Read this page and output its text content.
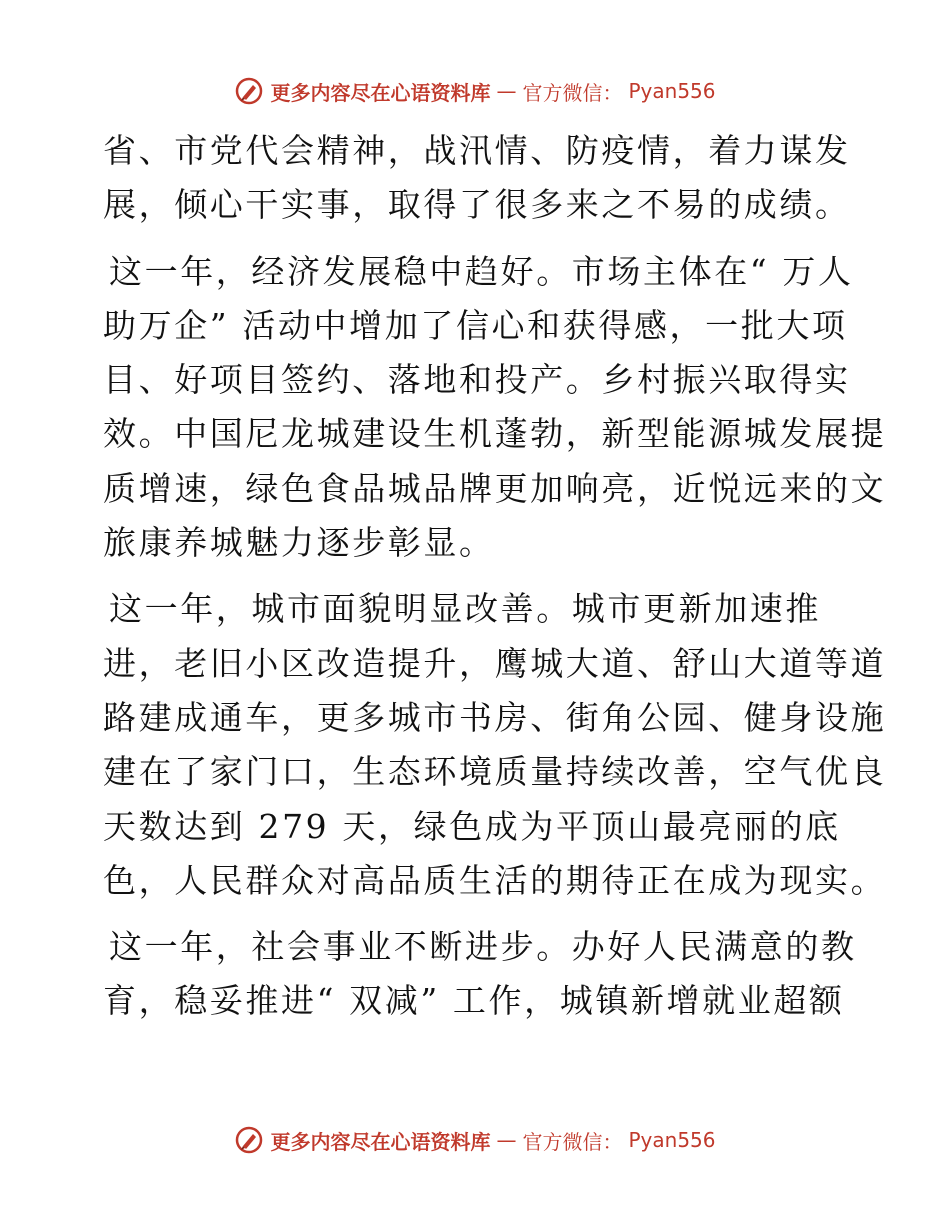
更多内容尽在心语资料库 — 官方微信： Pyan556
省、市党代会精神，战汛情、防疫情，着力谋发
展，倾心干实事，取得了很多来之不易的成绩。
这一年，经济发展稳中趋好。市场主体在“ 万人
助万企” 活动中增加了信心和获得感，一批大项
目、好项目签约、落地和投产。乡村振兴取得实
效。中国尼龙城建设生机蓬勃，新型能源城发展提
质增速，绿色食品城品牌更加响亮，近悦远来的文
旅康养城魅力逐步彰显。
这一年，城市面貌明显改善。城市更新加速推
进，老旧小区改造提升，鹰城大道、舒山大道等道
路建成通车，更多城市书房、街角公园、健身设施
建在了家门口，生态环境质量持续改善，空气优良
天数达到 279 天，绿色成为平顶山最亮丽的底
色，人民群众对高品质生活的期待正在成为现实。
这一年，社会事业不断进步。办好人民满意的教
育，稳妥推进“ 双减” 工作，城镇新增就业超额
更多内容尽在心语资料库 — 官方微信： Pyan556
